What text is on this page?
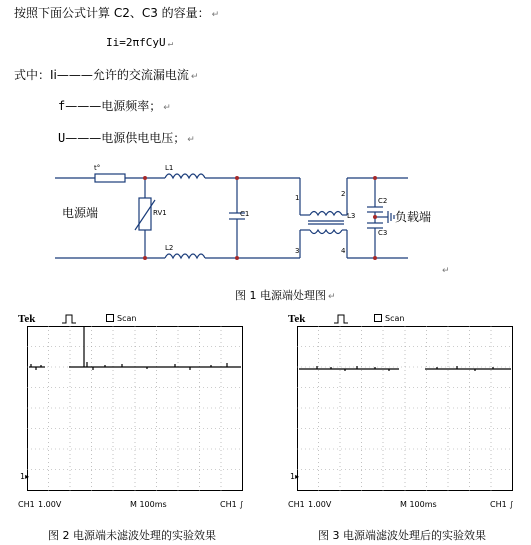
按照下面公式计算 C2、C3 的容量： ↵
Ii=2πfCyU ↵
式中：Ii———允许的交流漏电流 ↵
f———电源频率； ↵
U———电源供电电压； ↵
t°	L1
L2
RV1	C1	L3
C2
C3
1	2
3	4
电源端	负载端
↵
图 1 电源端处理图 ↵
Tek	Scan
1▸
CH1 1.00V	M 100ms	CH1 ∫
Tek	Scan
1▸
CH1 1.00V	M 100ms	CH1 ∫
图 2 电源端未滤波处理的实验效果	图 3 电源端滤波处理后的实验效果
